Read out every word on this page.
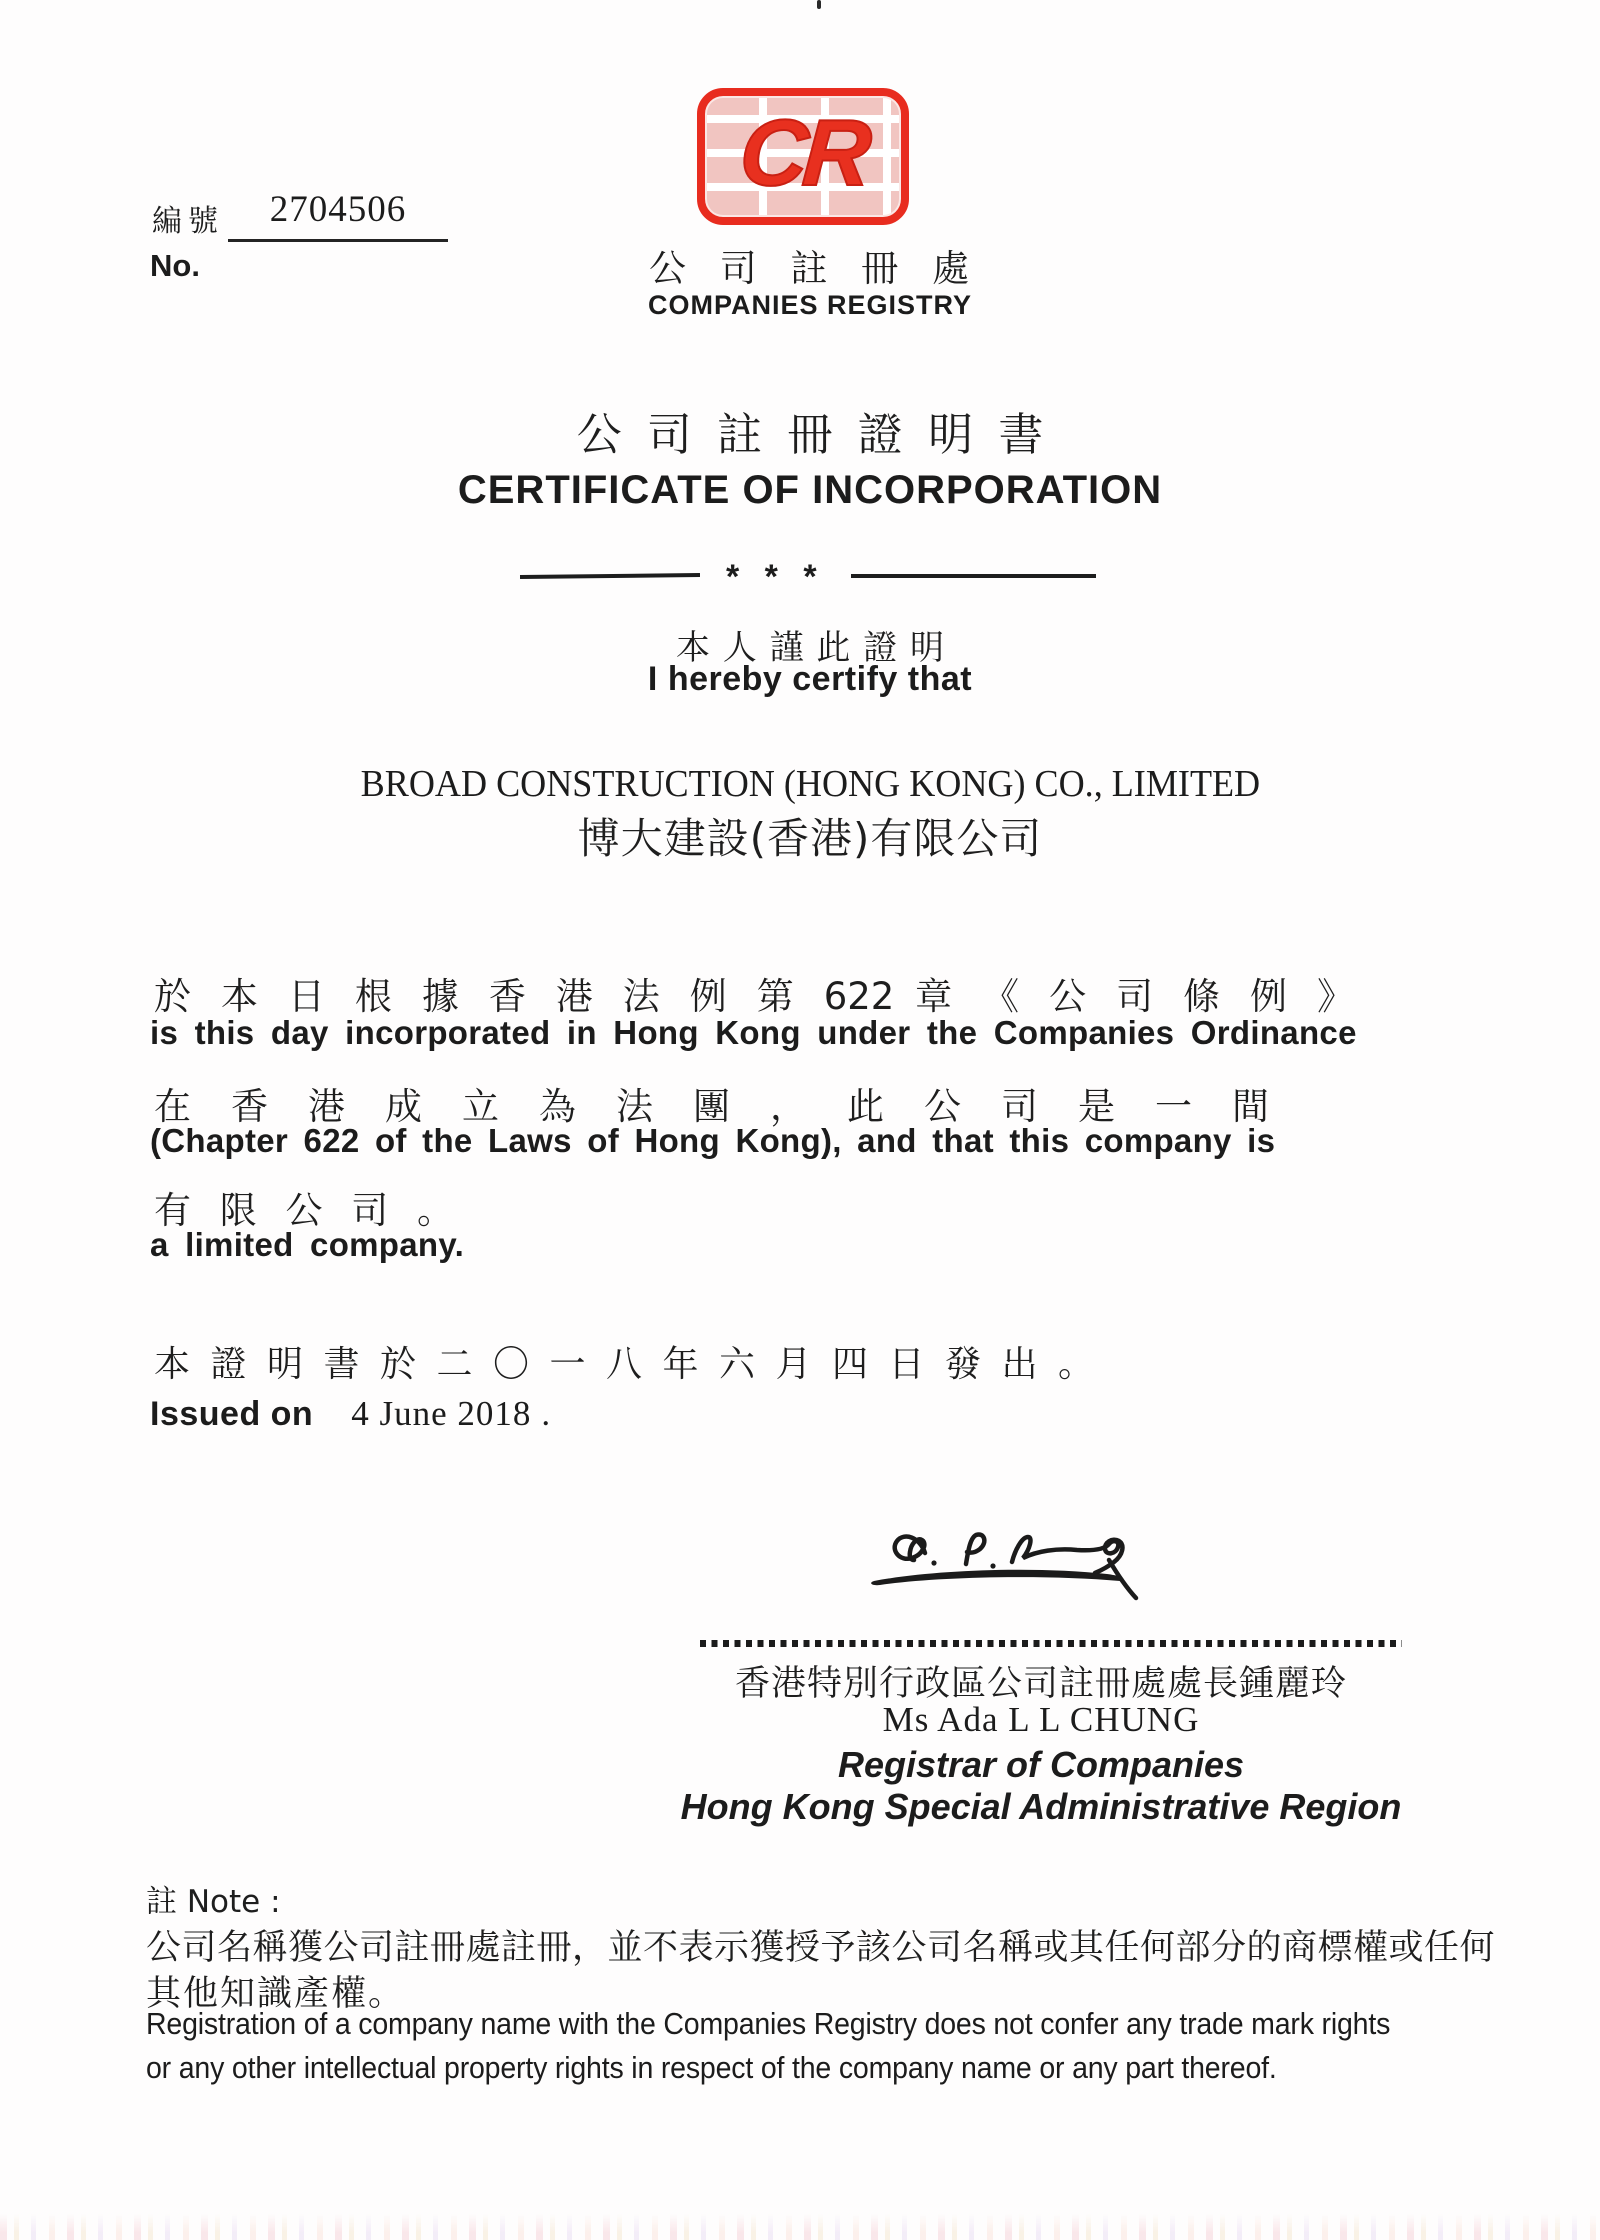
編號	2704506
No.
CR
公 司 註 冊 處
COMPANIES REGISTRY
公 司 註 冊 證 明 書
CERTIFICATE OF INCORPORATION
* * *
本 人 謹 此 證 明
I hereby certify that
BROAD CONSTRUCTION (HONG KONG) CO., LIMITED
博大建設(香港)有限公司
於 本 日 根 據 香 港 法 例 第 622 章 《 公 司 條 例 》
is this day incorporated in Hong Kong under the Companies Ordinance
在 香 港 成 立 為 法 團 ， 此 公 司 是 一 間
(Chapter 622 of the Laws of Hong Kong), and that this company is
有 限 公 司 。
a limited company.
本 證 明 書 於 二 〇 一 八 年 六 月 四 日 發 出 。
Issued on 4 June 2018 .
香港特別行政區公司註冊處處長鍾麗玲
Ms Ada L L CHUNG
Registrar of Companies
Hong Kong Special Administrative Region
註 Note :
公司名稱獲公司註冊處註冊，並不表示獲授予該公司名稱或其任何部分的商標權或任何
其他知識產權。
Registration of a company name with the Companies Registry does not confer any trade mark rights
or any other intellectual property rights in respect of the company name or any part thereof.
